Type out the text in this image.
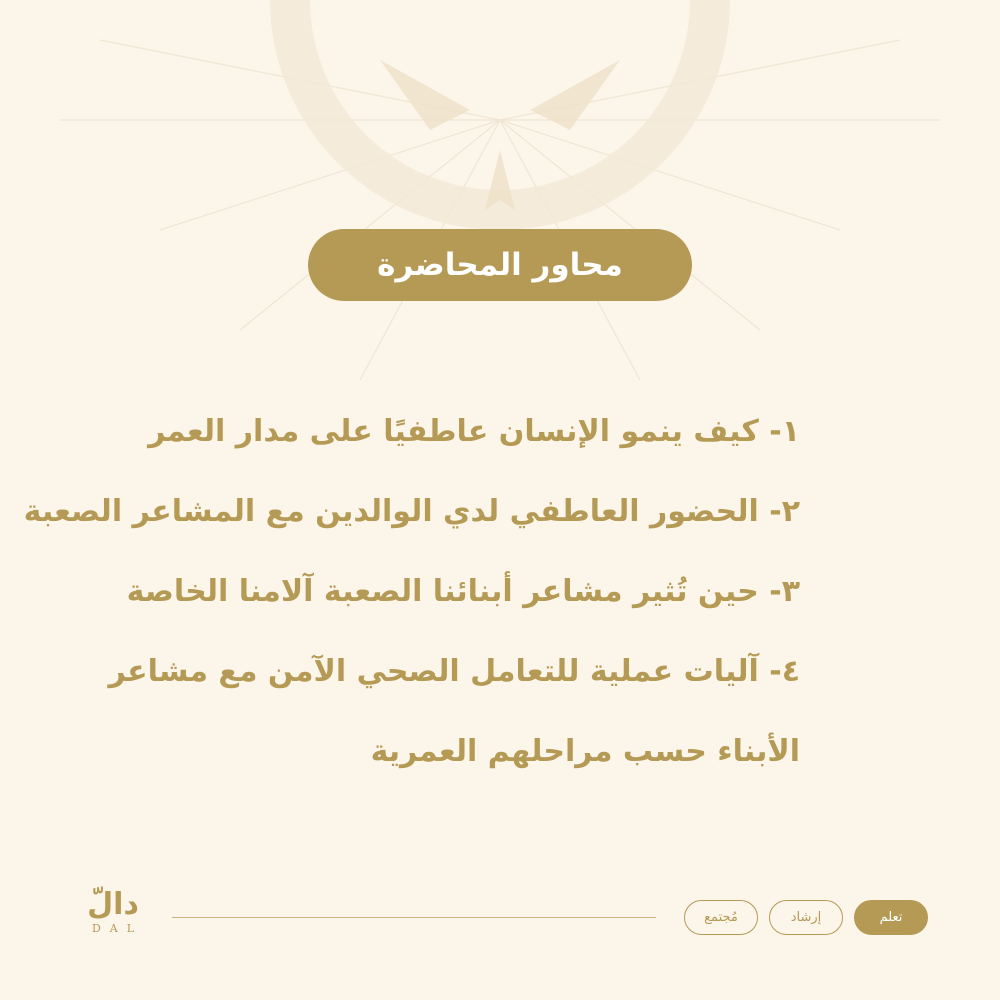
محاور المحاضرة
١- كيف ينمو الإنسان عاطفيًا على مدار العمر
٢- الحضور العاطفي لدي الوالدين مع المشاعر الصعبة
٣- حين تُثير مشاعر أبنائنا الصعبة آلامنا الخاصة
٤- آليات عملية للتعامل الصحي الآمن مع مشاعر
الأبناء حسب مراحلهم العمرية
دالّ
DAL
مُجتمع	إرشاد	تعلم
